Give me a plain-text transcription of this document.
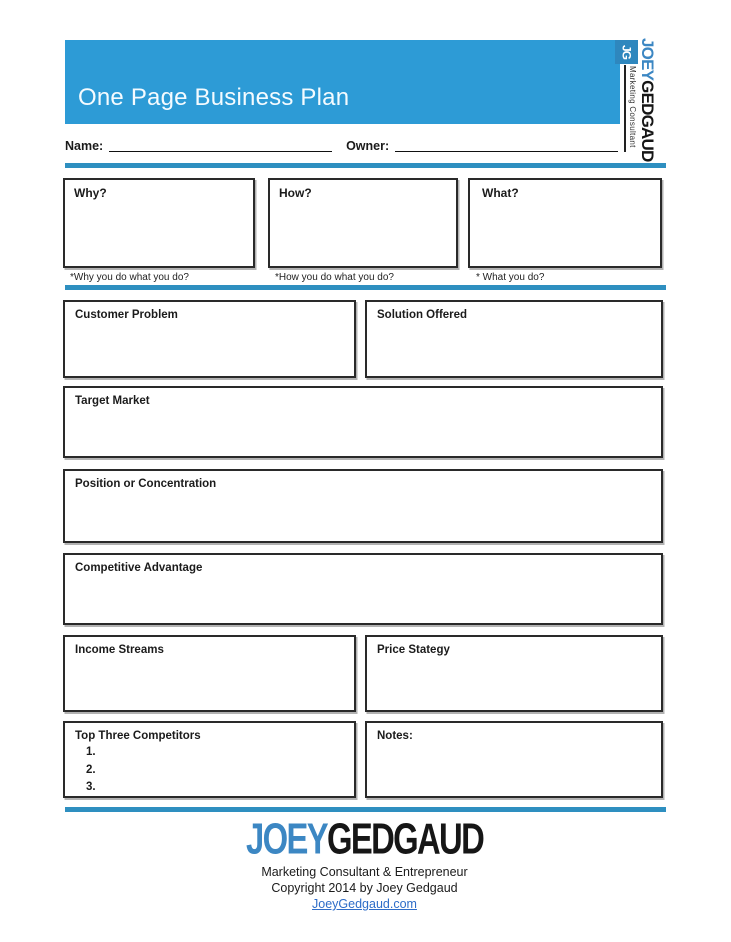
One Page Business Plan
JG
Marketing Consultant
JOEYGEDGAUD
Name:	Owner:
Why?	How?	What?
*Why you do what you do?	*How you do what you do?	* What you do?
Customer Problem	Solution Offered
Target Market
Position or Concentration
Competitive Advantage
Income Streams	Price Stategy
Top Three Competitors
1.
2.
3.
Notes:
JOEYGEDGAUD
Marketing Consultant & Entrepreneur
Copyright 2014 by Joey Gedgaud
JoeyGedgaud.com
